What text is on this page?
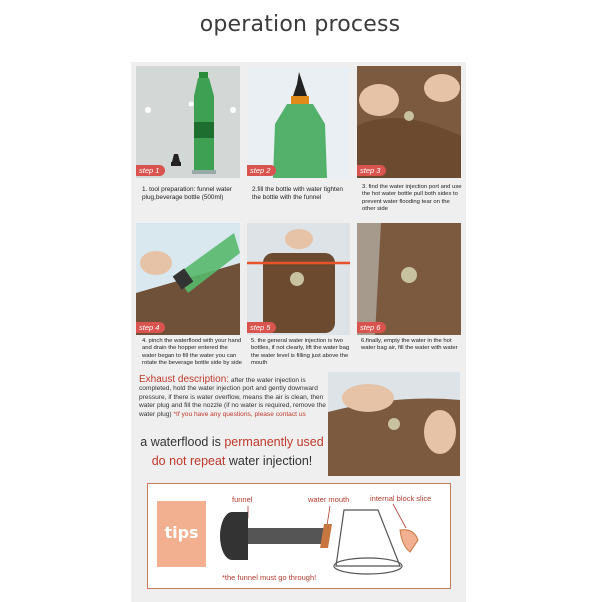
operation process
step 1	step 2	step 3
1. tool preparation: funnel water plug,beverage bottle (500ml)
2.fill the bottle with water tighten the bottle with the funnel
3. find the water injection port and use the hot water bottle pull both sides to prevent water flooding tear on the other side
step 4	step 5	step 6
4. pinch the waterflood with your hand and drain the hopper entered the water began to fill the water you can rotate the beverage bottle side by side
5. the general water injection is two bottles, if not clearly, lift the water bag the water level is filling just above the mouth
6.finally, empty the water in the hot water bag air, fill the water with water
Exhaust description: after the water injection is completed, hold the water injection port and gently downward pressure, if there is water overflow, means the air is clean, then water plug and fill the nozzle (if no water is required, remove the water plug) *If you have any questions, please contact us
a waterflood is permanently used
do not repeat water injection!
tips
funnel	water mouth	internal block slice
*the funnel must go through!
